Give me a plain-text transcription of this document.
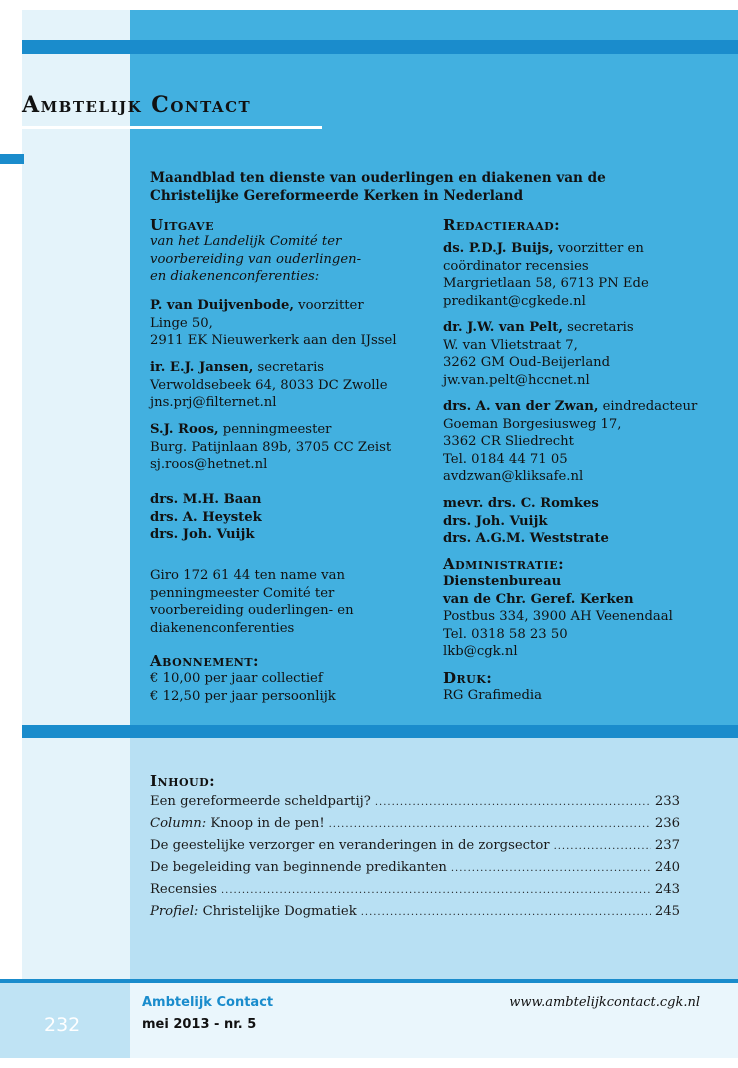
Ambtelijk Contact
Maandblad ten dienste van ouderlingen en diakenen van de
Christelijke Gereformeerde Kerken in Nederland
Uitgave
van het Landelijk Comité ter
voorbereiding van ouderlingen-
en diakenenconferenties:
P. van Duijvenbode, voorzitter
Linge 50,
2911 EK Nieuwerkerk aan den IJssel
ir. E.J. Jansen, secretaris
Verwoldsebeek 64, 8033 DC Zwolle
jns.prj@filternet.nl
S.J. Roos, penningmeester
Burg. Patijnlaan 89b, 3705 CC Zeist
sj.roos@hetnet.nl
drs. M.H. Baan
drs. A. Heystek
drs. Joh. Vuijk
Giro 172 61 44 ten name van
penningmeester Comité ter
voorbereiding ouderlingen- en
diakenenconferenties
Abonnement:
€ 10,00 per jaar collectief
€ 12,50 per jaar persoonlijk
Redactieraad:
ds. P.D.J. Buijs, voorzitter en
coördinator recensies
Margrietlaan 58, 6713 PN Ede
predikant@cgkede.nl
dr. J.W. van Pelt, secretaris
W. van Vlietstraat 7,
3262 GM Oud-Beijerland
jw.van.pelt@hccnet.nl
drs. A. van der Zwan, eindredacteur
Goeman Borgesiusweg 17,
3362 CR Sliedrecht
Tel. 0184 44 71 05
avdzwan@kliksafe.nl
mevr. drs. C. Romkes
drs. Joh. Vuijk
drs. A.G.M. Weststrate
Administratie:
Dienstenbureau
van de Chr. Geref. Kerken
Postbus 334, 3900 AH Veenendaal
Tel. 0318 58 23 50
lkb@cgk.nl
Druk:
RG Grafimedia
Inhoud:
Een gereformeerde scheldpartij? .....	233
Column: Knoop in de pen! .....	236
De geestelijke verzorger en veranderingen in de zorgsector .....	237
De begeleiding van beginnende predikanten .....	240
Recensies .....	243
Profiel: Christelijke Dogmatiek .....	245
232
Ambtelijk Contact
mei 2013 - nr. 5
www.ambtelijkcontact.cgk.nl
